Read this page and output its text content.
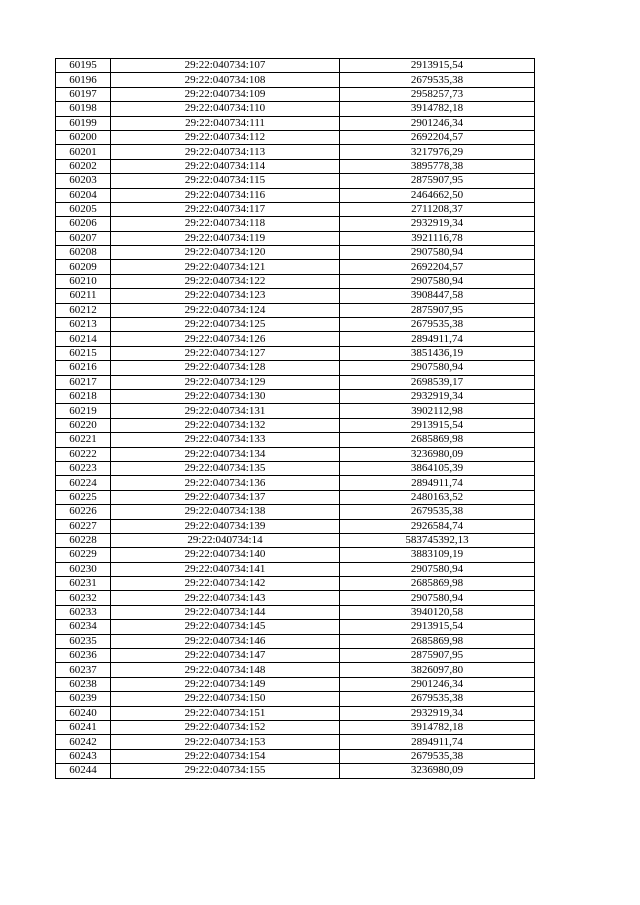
60195	29:22:040734:107	2913915,54
60196	29:22:040734:108	2679535,38
60197	29:22:040734:109	2958257,73
60198	29:22:040734:110	3914782,18
60199	29:22:040734:111	2901246,34
60200	29:22:040734:112	2692204,57
60201	29:22:040734:113	3217976,29
60202	29:22:040734:114	3895778,38
60203	29:22:040734:115	2875907,95
60204	29:22:040734:116	2464662,50
60205	29:22:040734:117	2711208,37
60206	29:22:040734:118	2932919,34
60207	29:22:040734:119	3921116,78
60208	29:22:040734:120	2907580,94
60209	29:22:040734:121	2692204,57
60210	29:22:040734:122	2907580,94
60211	29:22:040734:123	3908447,58
60212	29:22:040734:124	2875907,95
60213	29:22:040734:125	2679535,38
60214	29:22:040734:126	2894911,74
60215	29:22:040734:127	3851436,19
60216	29:22:040734:128	2907580,94
60217	29:22:040734:129	2698539,17
60218	29:22:040734:130	2932919,34
60219	29:22:040734:131	3902112,98
60220	29:22:040734:132	2913915,54
60221	29:22:040734:133	2685869,98
60222	29:22:040734:134	3236980,09
60223	29:22:040734:135	3864105,39
60224	29:22:040734:136	2894911,74
60225	29:22:040734:137	2480163,52
60226	29:22:040734:138	2679535,38
60227	29:22:040734:139	2926584,74
60228	29:22:040734:14	583745392,13
60229	29:22:040734:140	3883109,19
60230	29:22:040734:141	2907580,94
60231	29:22:040734:142	2685869,98
60232	29:22:040734:143	2907580,94
60233	29:22:040734:144	3940120,58
60234	29:22:040734:145	2913915,54
60235	29:22:040734:146	2685869,98
60236	29:22:040734:147	2875907,95
60237	29:22:040734:148	3826097,80
60238	29:22:040734:149	2901246,34
60239	29:22:040734:150	2679535,38
60240	29:22:040734:151	2932919,34
60241	29:22:040734:152	3914782,18
60242	29:22:040734:153	2894911,74
60243	29:22:040734:154	2679535,38
60244	29:22:040734:155	3236980,09
